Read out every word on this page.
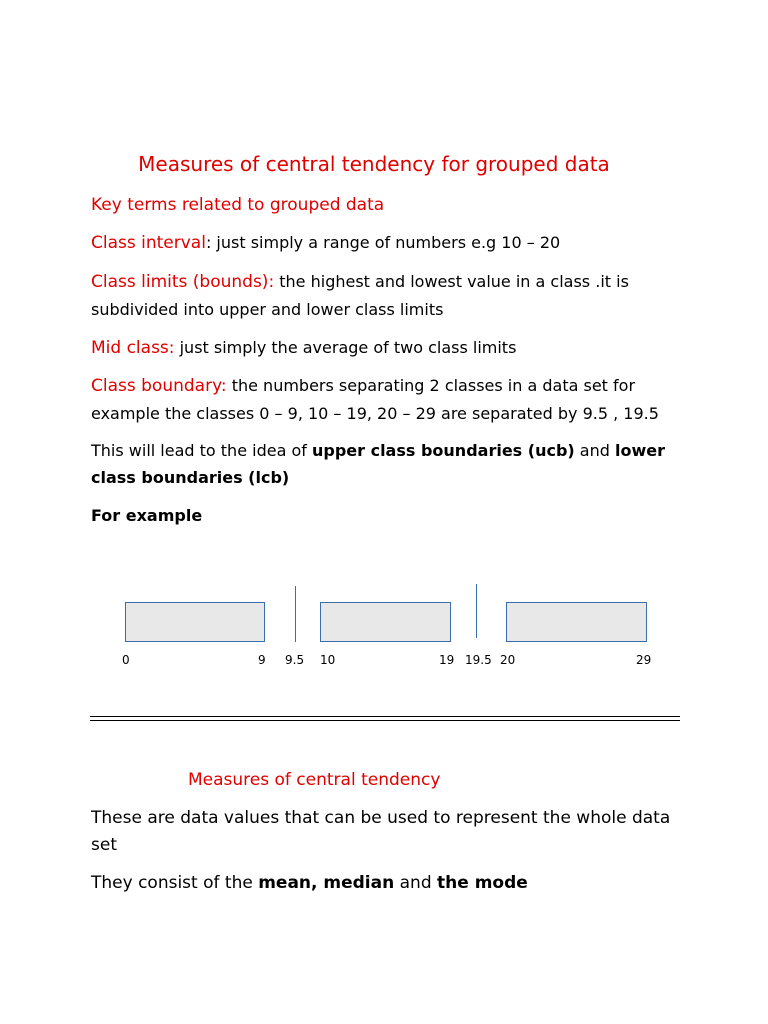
Measures of central tendency for grouped data
Key terms related to grouped data
Class interval: just simply a range of numbers e.g 10 – 20
Class limits (bounds): the highest and lowest value in a class .it is subdivided into upper and lower class limits
Mid class: just simply the average of two class limits
Class boundary: the numbers separating 2 classes in a data set for example the classes 0 – 9, 10 – 19, 20 – 29 are separated by 9.5 , 19.5
This will lead to the idea of upper class boundaries (ucb) and lower class boundaries (lcb)
For example
0	9 9.5 10	19 19.5 20	29
Measures of central tendency
These are data values that can be used to represent the whole data set
They consist of the mean, median and the mode
